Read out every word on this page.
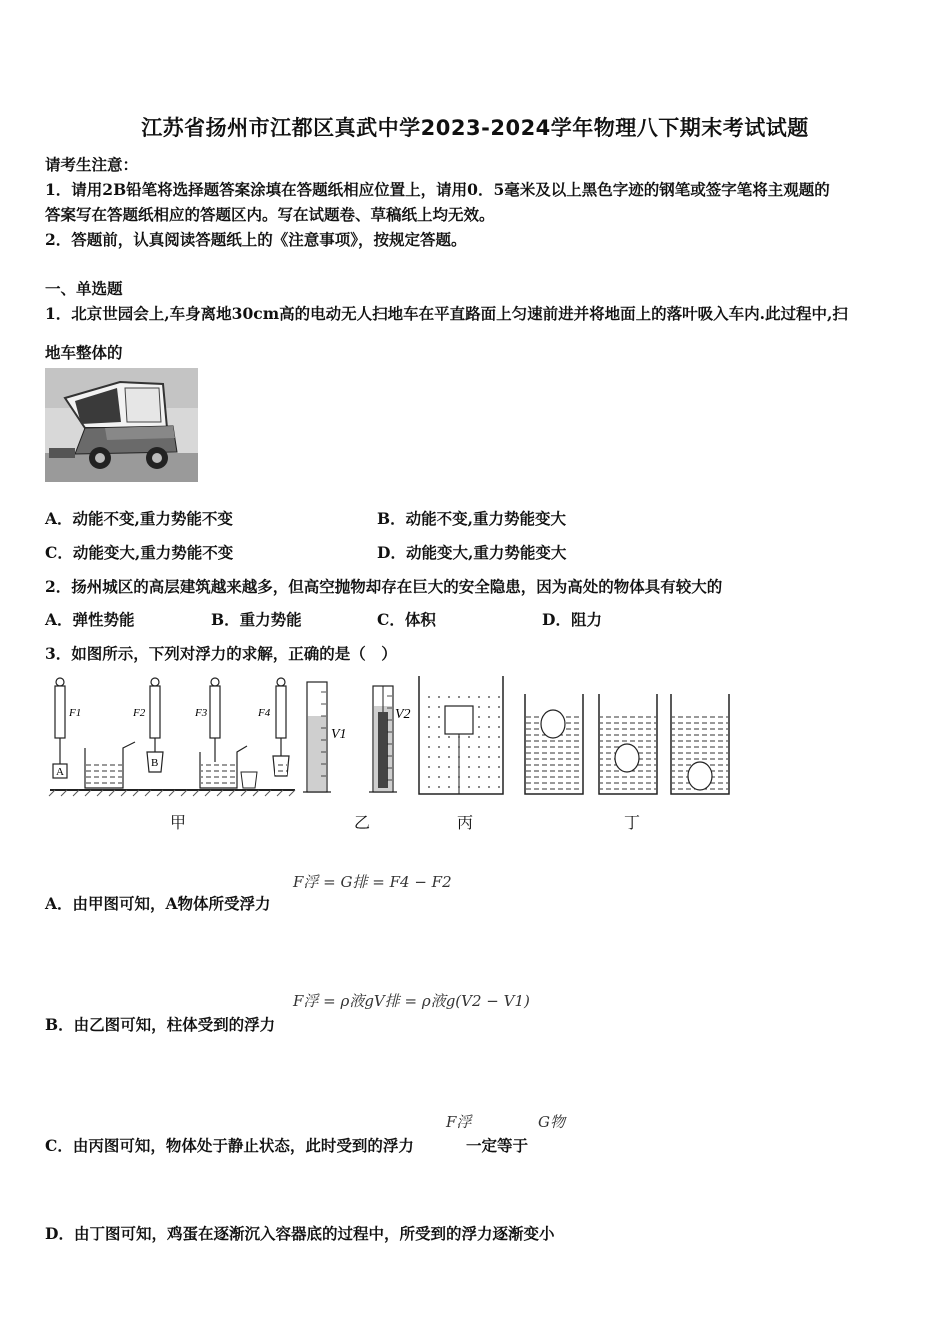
江苏省扬州市江都区真武中学2023-2024学年物理八下期末考试试题
请考生注意：
1．请用2B铅笔将选择题答案涂填在答题纸相应位置上，请用0．5毫米及以上黑色字迹的钢笔或签字笔将主观题的
答案写在答题纸相应的答题区内。写在试题卷、草稿纸上均无效。
2．答题前，认真阅读答题纸上的《注意事项》，按规定答题。
一、单选题
1．北京世园会上,车身离地30cm高的电动无人扫地车在平直路面上匀速前进并将地面上的落叶吸入车内.此过程中,扫
地车整体的
A．动能不变,重力势能不变	B．动能不变,重力势能变大
C．动能变大,重力势能不变	D．动能变大,重力势能变大
2．扬州城区的高层建筑越来越多，但高空抛物却存在巨大的安全隐患，因为高处的物体具有较大的
A．弹性势能	B．重力势能	C．体积	D．阻力
3．如图所示，下列对浮力的求解，正确的是（　）
F1
A
F2
B
F3	F4
V1
V2
甲	乙	丙	丁
F浮 = G排 = F4 − F2
A．由甲图可知，A物体所受浮力
F浮 = ρ液gV排 = ρ液g(V2 − V1)
B．由乙图可知，柱体受到的浮力
F浮	G物
C．由丙图可知，物体处于静止状态，此时受到的浮力	一定等于
D．由丁图可知，鸡蛋在逐渐沉入容器底的过程中，所受到的浮力逐渐变小
